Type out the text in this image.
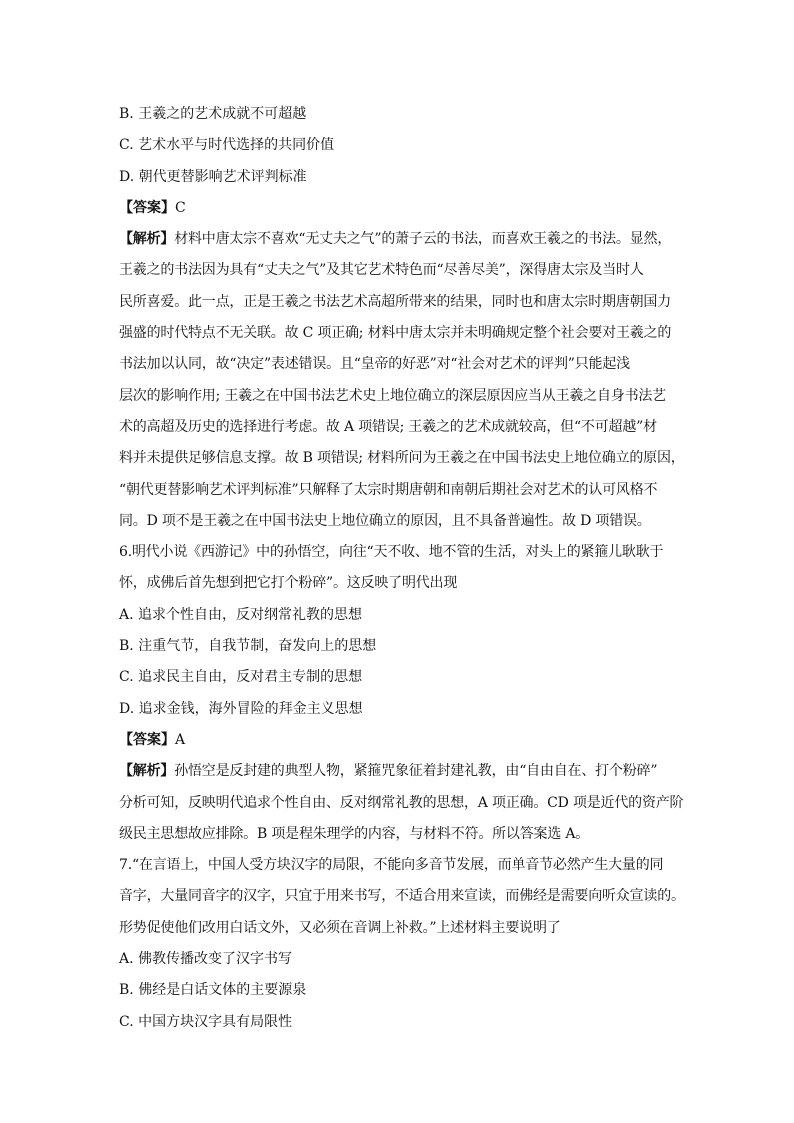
B. 王羲之的艺术成就不可超越
C. 艺术水平与时代选择的共同价值
D. 朝代更替影响艺术评判标准
【答案】C
【解析】材料中唐太宗不喜欢“无丈夫之气”的萧子云的书法，而喜欢王羲之的书法。显然，
王羲之的书法因为具有“丈夫之气”及其它艺术特色而“尽善尽美”，深得唐太宗及当时人
民所喜爱。此一点，正是王羲之书法艺术高超所带来的结果，同时也和唐太宗时期唐朝国力
强盛的时代特点不无关联。故 C 项正确; 材料中唐太宗并未明确规定整个社会要对王羲之的
书法加以认同，故“决定”表述错误。且“皇帝的好恶”对“社会对艺术的评判”只能起浅
层次的影响作用; 王羲之在中国书法艺术史上地位确立的深层原因应当从王羲之自身书法艺
术的高超及历史的选择进行考虑。故 A 项错误; 王羲之的艺术成就较高，但“不可超越”材
料并未提供足够信息支撑。故 B 项错误; 材料所问为王羲之在中国书法史上地位确立的原因，
“朝代更替影响艺术评判标准”只解释了太宗时期唐朝和南朝后期社会对艺术的认可风格不
同。D 项不是王羲之在中国书法史上地位确立的原因，且不具备普遍性。故 D 项错误。
6.明代小说《西游记》中的孙悟空，向往“天不收、地不管的生活，对头上的紧箍儿耿耿于
怀，成佛后首先想到把它打个粉碎”。这反映了明代出现
A. 追求个性自由，反对纲常礼教的思想
B. 注重气节，自我节制，奋发向上的思想
C. 追求民主自由，反对君主专制的思想
D. 追求金钱，海外冒险的拜金主义思想
【答案】A
【解析】孙悟空是反封建的典型人物，紧箍咒象征着封建礼教，由“自由自在、打个粉碎”
分析可知，反映明代追求个性自由、反对纲常礼教的思想，A 项正确。CD 项是近代的资产阶
级民主思想故应排除。B 项是程朱理学的内容，与材料不符。所以答案选 A。
7.“在言语上，中国人受方块汉字的局限，不能向多音节发展，而单音节必然产生大量的同
音字，大量同音字的汉字，只宜于用来书写，不适合用来宣读，而佛经是需要向听众宣读的。
形势促使他们改用白话文外，又必须在音调上补救。”上述材料主要说明了
A. 佛教传播改变了汉字书写
B. 佛经是白话文体的主要源泉
C. 中国方块汉字具有局限性
